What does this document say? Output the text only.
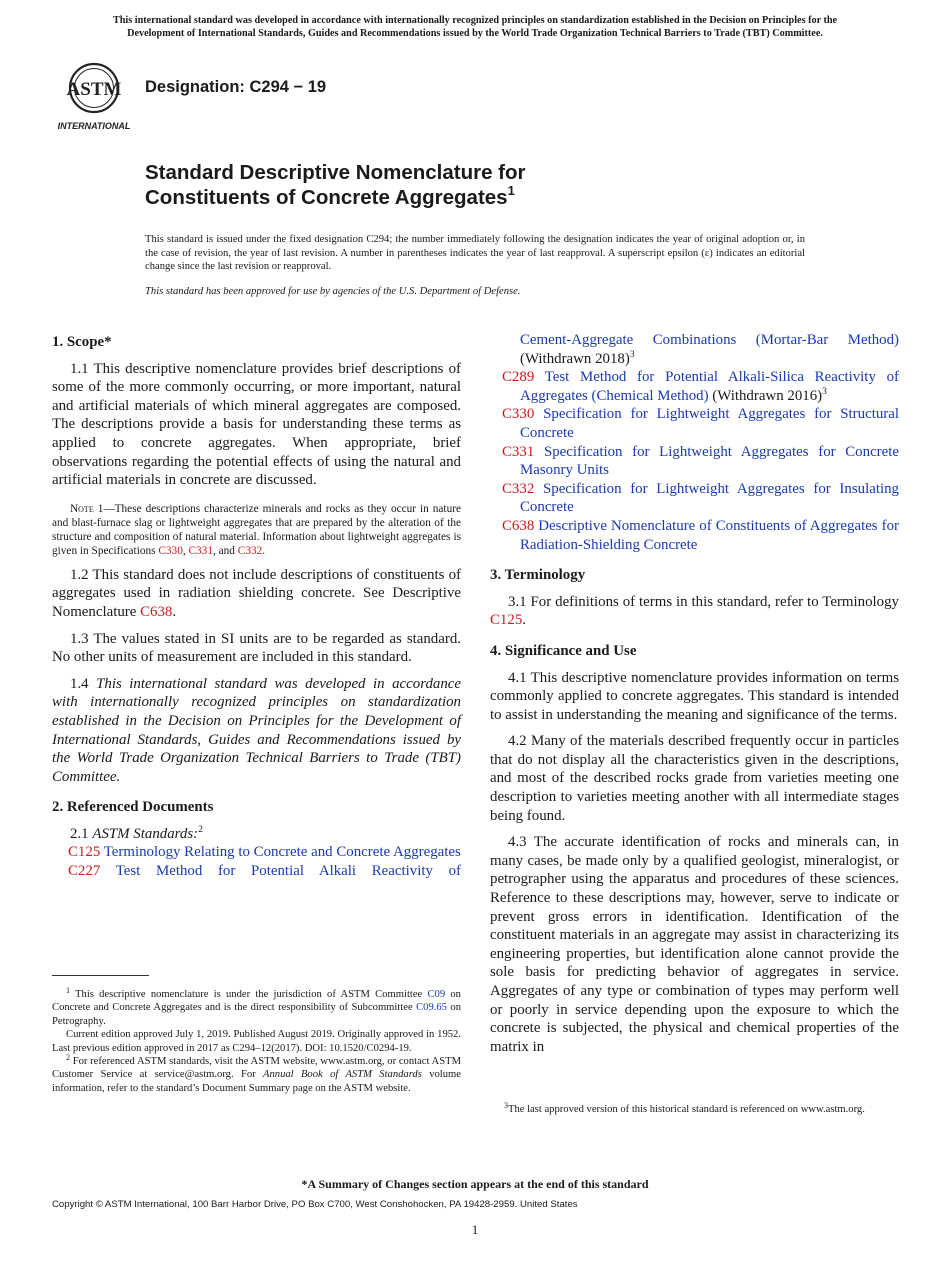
This international standard was developed in accordance with internationally recognized principles on standardization established in the Decision on Principles for the
Development of International Standards, Guides and Recommendations issued by the World Trade Organization Technical Barriers to Trade (TBT) Committee.
ASTM
INTERNATIONAL
Designation: C294 − 19
Standard Descriptive Nomenclature for
Constituents of Concrete Aggregates$^1$
This standard is issued under the fixed designation C294; the number immediately following the designation indicates the year of original adoption or, in the case of revision, the year of last revision. A number in parentheses indicates the year of last reapproval. A superscript epsilon (ε) indicates an editorial change since the last revision or reapproval.
This standard has been approved for use by agencies of the U.S. Department of Defense.
1. Scope*

1.1 This descriptive nomenclature provides brief descriptions of some of the more commonly occurring, or more important, natural and artificial materials of which mineral aggregates are composed. The descriptions provide a basis for understanding these terms as applied to concrete aggregates. When appropriate, brief observations regarding the potential effects of using the natural and artificial materials in concrete are discussed.

Note 1—These descriptions characterize minerals and rocks as they occur in nature and blast-furnace slag or lightweight aggregates that are prepared by the alteration of the structure and composition of natural material. Information about lightweight aggregates is given in Specifications C330, C331, and C332.

1.2 This standard does not include descriptions of constituents of aggregates used in radiation shielding concrete. See Descriptive Nomenclature C638.

1.3 The values stated in SI units are to be regarded as standard. No other units of measurement are included in this standard.

1.4 This international standard was developed in accordance with internationally recognized principles on standardization established in the Decision on Principles for the Development of International Standards, Guides and Recommendations issued by the World Trade Organization Technical Barriers to Trade (TBT) Committee.

2. Referenced Documents

2.1 ASTM Standards:$^2$

C125 Terminology Relating to Concrete and Concrete Aggregates

C227 Test Method for Potential Alkali Reactivity of

$^1$ This descriptive nomenclature is under the jurisdiction of ASTM Committee C09 on Concrete and Concrete Aggregates and is the direct responsibility of Subcommittee C09.65 on Petrography.

Current edition approved July 1, 2019. Published August 2019. Originally approved in 1952. Last previous edition approved in 2017 as C294–12(2017). DOI: 10.1520/C0294-19.

$^2$ For referenced ASTM standards, visit the ASTM website, www.astm.org, or contact ASTM Customer Service at service@astm.org. For Annual Book of ASTM Standards volume information, refer to the standard’s Document Summary page on the ASTM website.

Cement-Aggregate Combinations (Mortar-Bar Method) (Withdrawn 2018)$^3$

C289 Test Method for Potential Alkali-Silica Reactivity of Aggregates (Chemical Method) (Withdrawn 2016)$^3$

C330 Specification for Lightweight Aggregates for Structural Concrete

C331 Specification for Lightweight Aggregates for Concrete Masonry Units

C332 Specification for Lightweight Aggregates for Insulating Concrete

C638 Descriptive Nomenclature of Constituents of Aggregates for Radiation-Shielding Concrete

3. Terminology

3.1 For definitions of terms in this standard, refer to Terminology C125.

4. Significance and Use

4.1 This descriptive nomenclature provides information on terms commonly applied to concrete aggregates. This standard is intended to assist in understanding the meaning and significance of the terms.

4.2 Many of the materials described frequently occur in particles that do not display all the characteristics given in the descriptions, and most of the described rocks grade from varieties meeting one description to varieties meeting another with all intermediate stages being found.

4.3 The accurate identification of rocks and minerals can, in many cases, be made only by a qualified geologist, mineralogist, or petrographer using the apparatus and procedures of these sciences. Reference to these descriptions may, however, serve to indicate or prevent gross errors in identification. Identification of the constituent materials in an aggregate may assist in characterizing its engineering properties, but identification alone cannot provide the sole basis for predicting behavior of aggregates in service. Aggregates of any type or combination of types may perform well or poorly in service depending upon the exposure to which the concrete is subjected, the physical and chemical properties of the matrix in

$^3$The last approved version of this historical standard is referenced on www.astm.org.

*A Summary of Changes section appears at the end of this standard
Copyright © ASTM International, 100 Barr Harbor Drive, PO Box C700, West Conshohocken, PA 19428-2959. United States
1
